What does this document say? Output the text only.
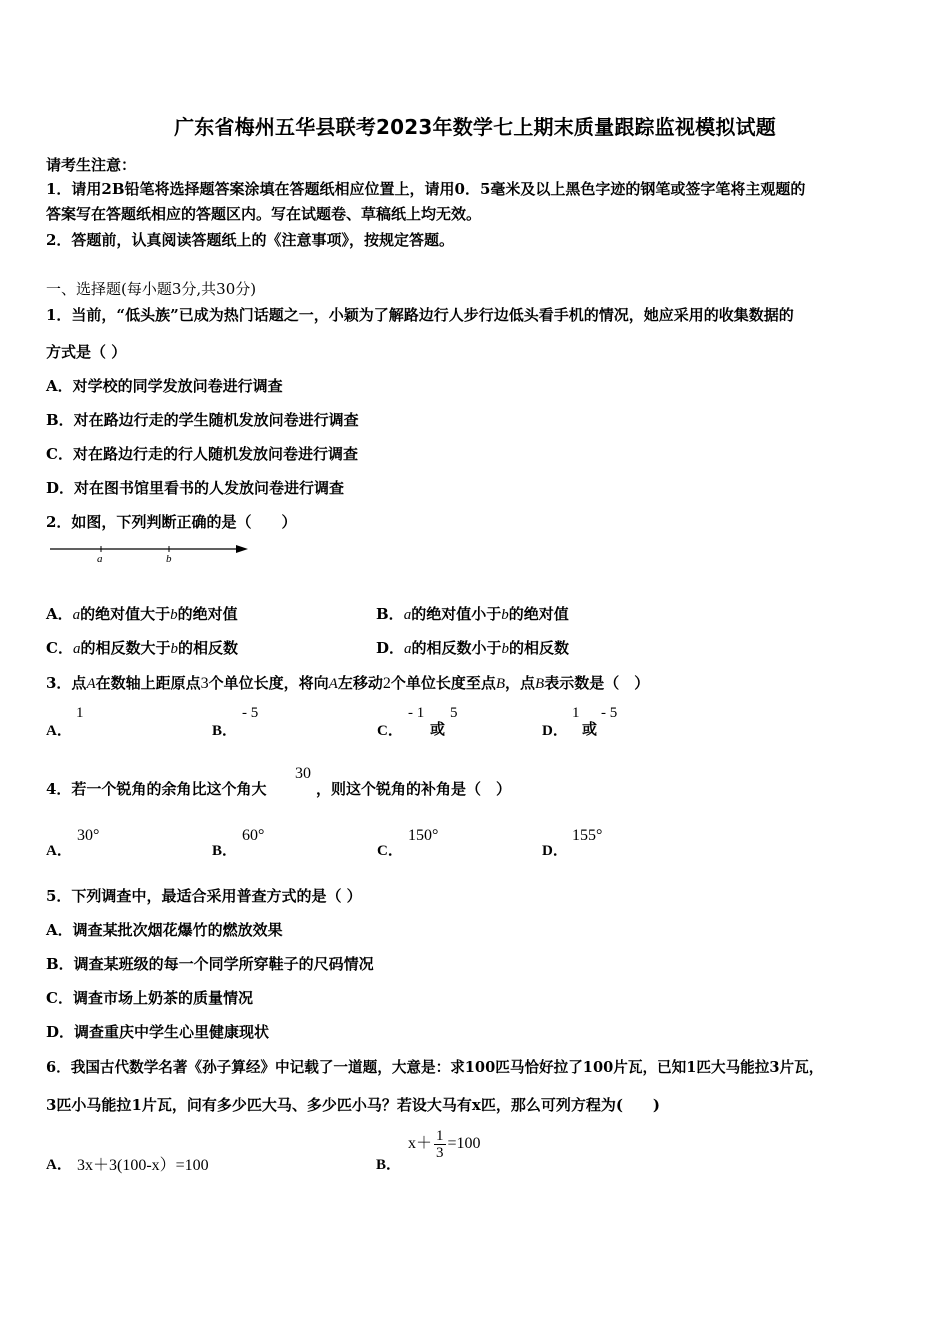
广东省梅州五华县联考2023年数学七上期末质量跟踪监视模拟试题
请考生注意：
1．请用2B铅笔将选择题答案涂填在答题纸相应位置上，请用0．5毫米及以上黑色字迹的钢笔或签字笔将主观题的
答案写在答题纸相应的答题区内。写在试题卷、草稿纸上均无效。
2．答题前，认真阅读答题纸上的《注意事项》，按规定答题。
一、选择题(每小题3分,共30分)
1．当前，“低头族”已成为热门话题之一，小颖为了解路边行人步行边低头看手机的情况，她应采用的收集数据的
方式是（ ）
A．对学校的同学发放问卷进行调查
B．对在路边行走的学生随机发放问卷进行调查
C．对在路边行走的行人随机发放问卷进行调查
D．对在图书馆里看书的人发放问卷进行调查
2．如图，下列判断正确的是（　　）
a	b
A．a的绝对值大于b的绝对值	B．a的绝对值小于b的绝对值
C．a的相反数大于b的相反数	D．a的相反数小于b的相反数
3．点A在数轴上距原点3个单位长度，将向A左移动2个单位长度至点B，点B表示数是（　）
A．
1
B．
- 5
C．
- 1
或
5
D．
1
或
- 5
4．若一个锐角的余角比这个角大
30
，则这个锐角的补角是（　）
A．
30°
B．
60°
C．
150°
D．
155°
5．下列调查中，最适合采用普查方式的是（ ）
A．调查某批次烟花爆竹的燃放效果
B．调查某班级的每一个同学所穿鞋子的尺码情况
C．调查市场上奶茶的质量情况
D．调查重庆中学生心里健康现状
6．我国古代数学名著《孙子算经》中记载了一道题，大意是：求100匹马恰好拉了100片瓦，已知1匹大马能拉3片瓦，
3匹小马能拉1片瓦，问有多少匹大马、多少匹小马？若设大马有x匹，那么可列方程为(　　)
A． 3x＋3(100-x）=100	B．
$x+ \frac{1}{3} =100$
